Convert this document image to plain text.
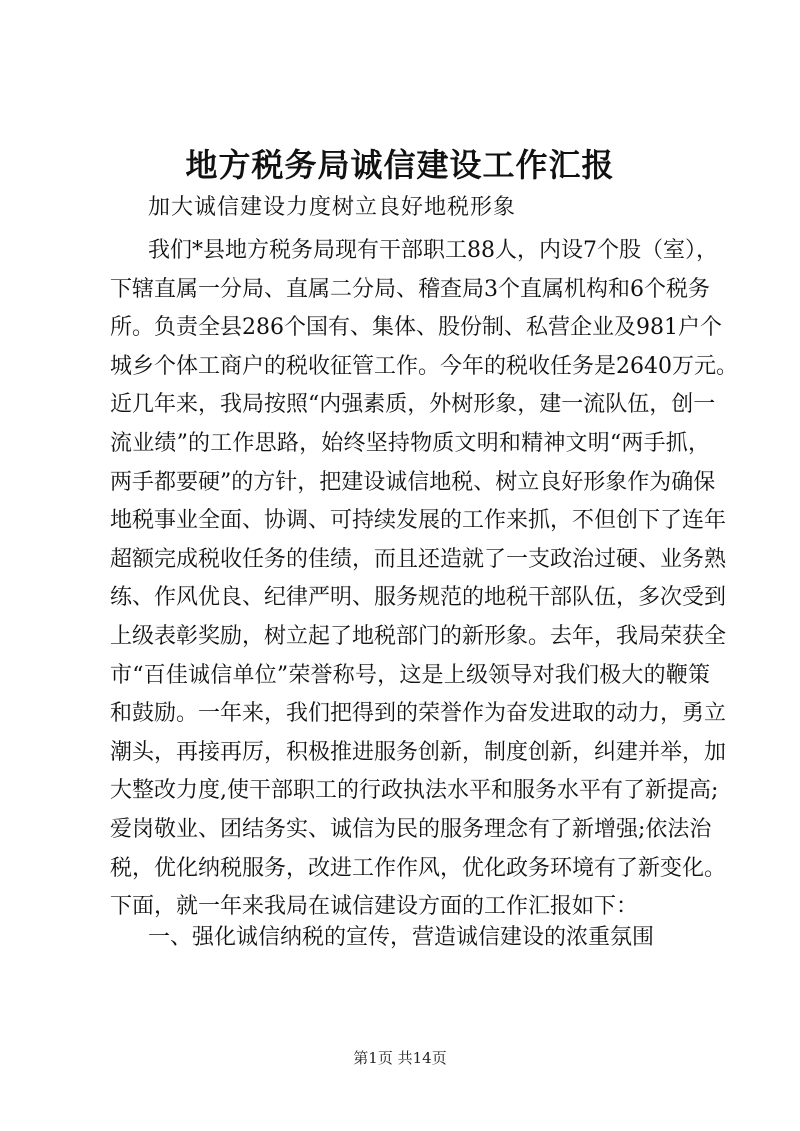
地方税务局诚信建设工作汇报
加大诚信建设力度树立良好地税形象
我们*县地方税务局现有干部职工88人，内设7个股（室），
下辖直属一分局、直属二分局、稽查局3个直属机构和6个税务
所。负责全县286个国有、集体、股份制、私营企业及981户个
城乡个体工商户的税收征管工作。今年的税收任务是2640万元。
近几年来，我局按照“内强素质，外树形象，建一流队伍，创一
流业绩”的工作思路，始终坚持物质文明和精神文明“两手抓，
两手都要硬”的方针，把建设诚信地税、树立良好形象作为确保
地税事业全面、协调、可持续发展的工作来抓，不但创下了连年
超额完成税收任务的佳绩，而且还造就了一支政治过硬、业务熟
练、作风优良、纪律严明、服务规范的地税干部队伍，多次受到
上级表彰奖励，树立起了地税部门的新形象。去年，我局荣获全
市“百佳诚信单位”荣誉称号，这是上级领导对我们极大的鞭策
和鼓励。一年来，我们把得到的荣誉作为奋发进取的动力，勇立
潮头，再接再厉，积极推进服务创新，制度创新，纠建并举，加
大整改力度,使干部职工的行政执法水平和服务水平有了新提高;
爱岗敬业、团结务实、诚信为民的服务理念有了新增强;依法治
税，优化纳税服务，改进工作作风，优化政务环境有了新变化。
下面，就一年来我局在诚信建设方面的工作汇报如下：
一、强化诚信纳税的宣传，营造诚信建设的浓重氛围
第1页 共14页
